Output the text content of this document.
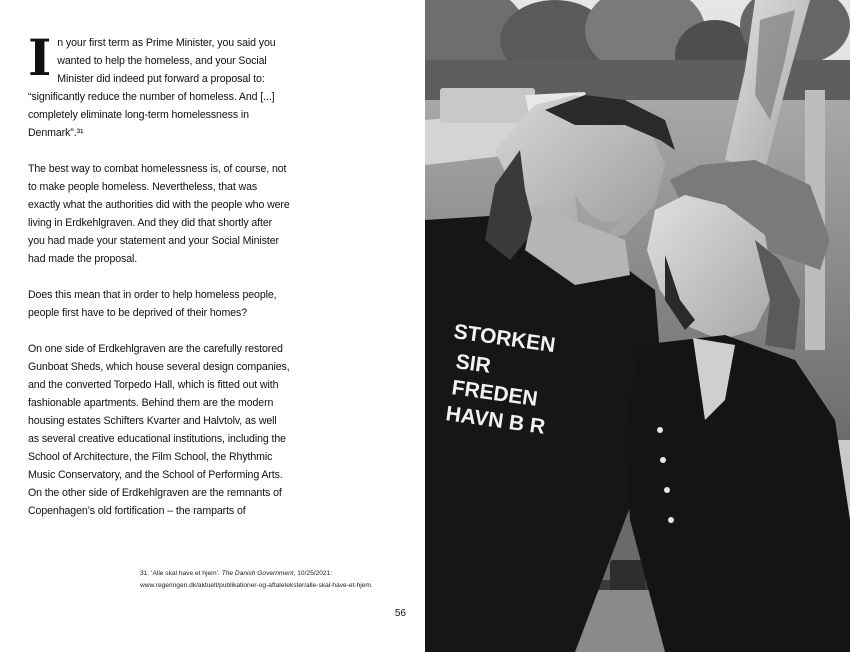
In your first term as Prime Minister, you said you wanted to help the homeless, and your Social Minister did indeed put forward a proposal to: “significantly reduce the number of homeless. And [...] completely eliminate long-term homelessness in Denmark”.³¹

The best way to combat homelessness is, of course, not to make people homeless. Nevertheless, that was exactly what the authorities did with the people who were living in Erdkehlgraven. And they did that shortly after you had made your statement and your Social Minister had made the proposal.

Does this mean that in order to help homeless people, people first have to be deprived of their homes?

On one side of Erdkehlgraven are the carefully restored Gunboat Sheds, which house several design companies, and the converted Torpedo Hall, which is fitted out with fashionable apartments. Behind them are the modern housing estates Schifters Kvarter and Halvtolv, as well as several creative educational institutions, including the School of Architecture, the Film School, the Rhythmic Music Conservatory, and the School of Performing Arts. On the other side of Erdkehlgraven are the remnants of Copenhagen’s old fortification – the ramparts of

31. ‘Alle skal have et hjem’. The Danish Government, 10/25/2021: www.regeringen.dk/aktuelt/publikationer-og-aftaletekster/alle-skal-have-et-hjem.
56
STORKEN
SIR
FREDEN
HAVN B R
